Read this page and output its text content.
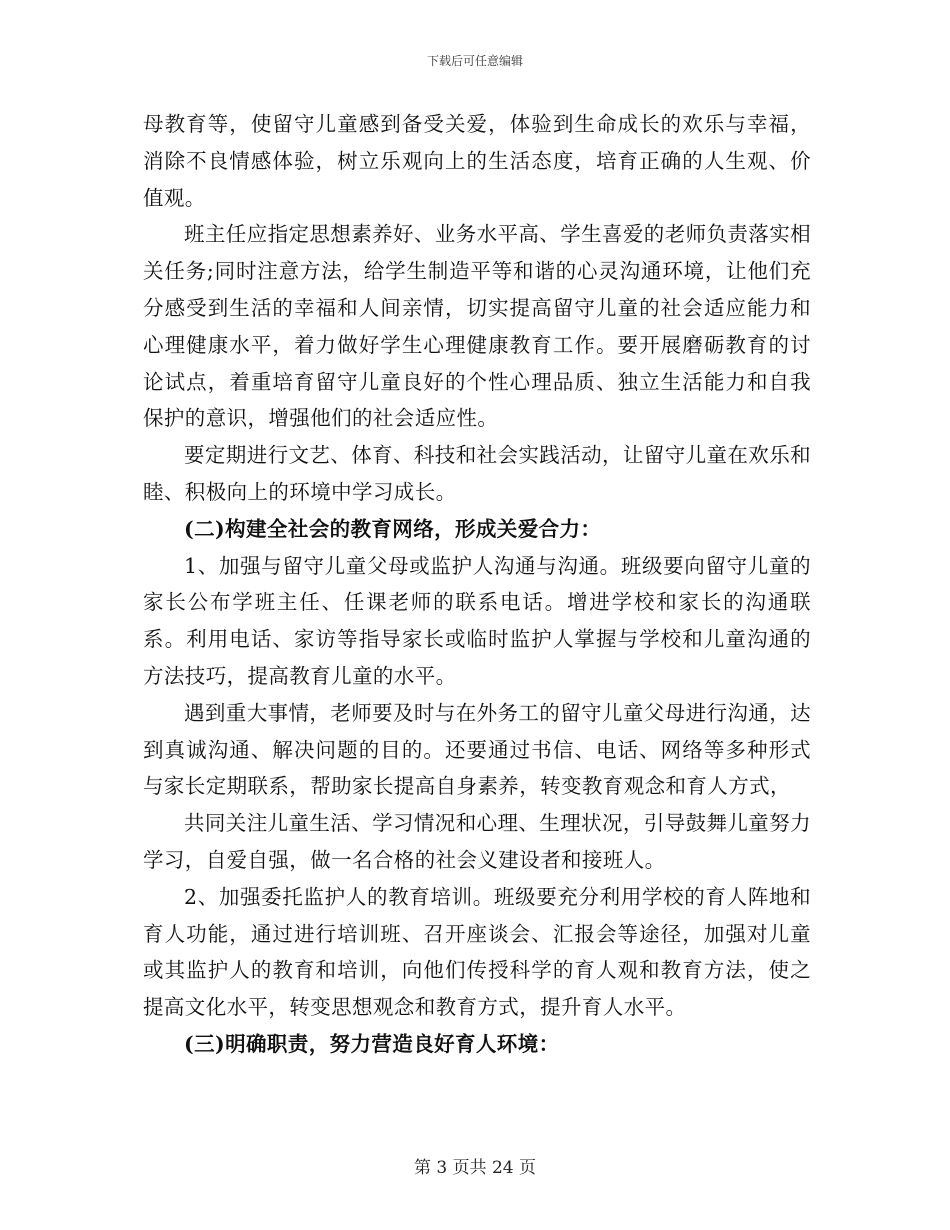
下载后可任意编辑

母教育等，使留守儿童感到备受关爱，体验到生命成长的欢乐与幸福，消除不良情感体验，树立乐观向上的生活态度，培育正确的人生观、价值观。

班主任应指定思想素养好、业务水平高、学生喜爱的老师负责落实相关任务;同时注意方法，给学生制造平等和谐的心灵沟通环境，让他们充分感受到生活的幸福和人间亲情，切实提高留守儿童的社会适应能力和心理健康水平，着力做好学生心理健康教育工作。要开展磨砺教育的讨论试点，着重培育留守儿童良好的个性心理品质、独立生活能力和自我保护的意识，增强他们的社会适应性。

要定期进行文艺、体育、科技和社会实践活动，让留守儿童在欢乐和睦、积极向上的环境中学习成长。

(二)构建全社会的教育网络，形成关爱合力：

1、加强与留守儿童父母或监护人沟通与沟通。班级要向留守儿童的家长公布学班主任、任课老师的联系电话。增进学校和家长的沟通联系。利用电话、家访等指导家长或临时监护人掌握与学校和儿童沟通的方法技巧，提高教育儿童的水平。

遇到重大事情，老师要及时与在外务工的留守儿童父母进行沟通，达到真诚沟通、解决问题的目的。还要通过书信、电话、网络等多种形式与家长定期联系，帮助家长提高自身素养，转变教育观念和育人方式，

共同关注儿童生活、学习情况和心理、生理状况，引导鼓舞儿童努力学习，自爱自强，做一名合格的社会义建设者和接班人。

2、加强委托监护人的教育培训。班级要充分利用学校的育人阵地和育人功能，通过进行培训班、召开座谈会、汇报会等途径，加强对儿童或其监护人的教育和培训，向他们传授科学的育人观和教育方法，使之提高文化水平，转变思想观念和教育方式，提升育人水平。

(三)明确职责，努力营造良好育人环境：

第 3 页共 24 页
